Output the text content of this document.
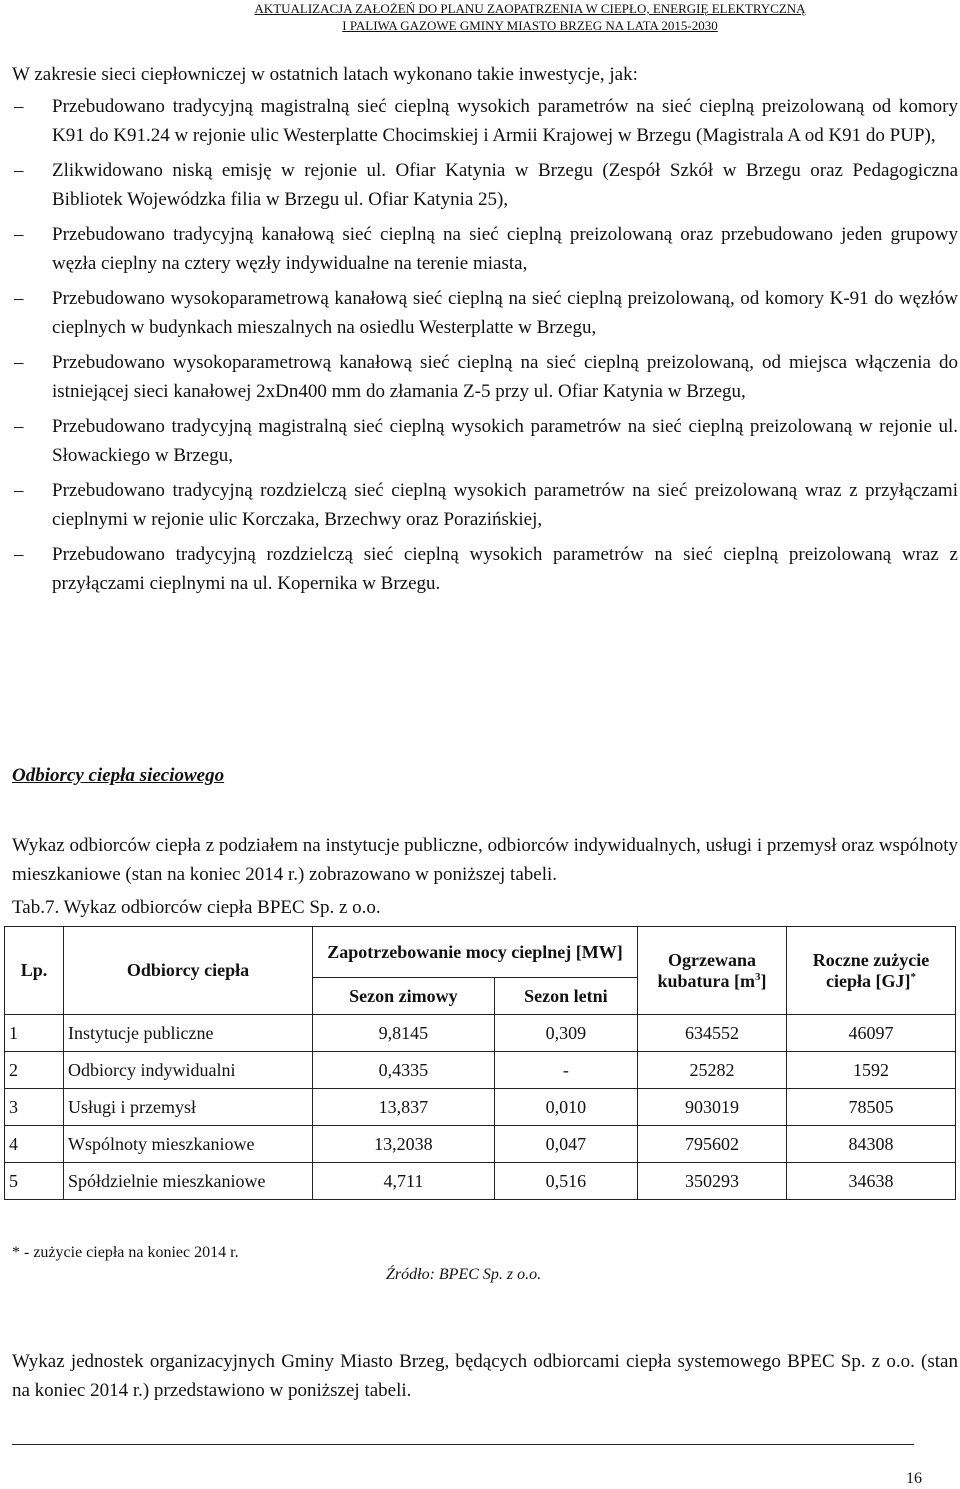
AKTUALIZACJA ZAŁOŻEŃ DO PLANU ZAOPATRZENIA W CIEPŁO, ENERGIĘ ELEKTRYCZNĄ
I PALIWA GAZOWE GMINY MIASTO BRZEG NA LATA 2015-2030

W zakresie sieci ciepłowniczej w ostatnich latach wykonano takie inwestycje, jak:

–	Przebudowano tradycyjną magistralną sieć cieplną wysokich parametrów na sieć cieplną preizolowaną od komory K91 do K91.24 w rejonie ulic Westerplatte Chocimskiej i Armii Krajowej w Brzegu (Magistrala A od K91 do PUP),
–	Zlikwidowano niską emisję w rejonie ul. Ofiar Katynia w Brzegu (Zespół Szkół w Brzegu oraz Pedagogiczna Bibliotek Wojewódzka filia w Brzegu ul. Ofiar Katynia 25),
–	Przebudowano tradycyjną kanałową sieć cieplną na sieć cieplną preizolowaną oraz przebudowano jeden grupowy węzła cieplny na cztery węzły indywidualne na terenie miasta,
–	Przebudowano wysokoparametrową kanałową sieć cieplną na sieć cieplną preizolowaną, od komory K-91 do węzłów cieplnych w budynkach mieszalnych na osiedlu Westerplatte w Brzegu,
–	Przebudowano wysokoparametrową kanałową sieć cieplną na sieć cieplną preizolowaną, od miejsca włączenia do istniejącej sieci kanałowej 2xDn400 mm do złamania Z-5 przy ul. Ofiar Katynia w Brzegu,
–	Przebudowano tradycyjną magistralną sieć cieplną wysokich parametrów na sieć cieplną preizolowaną w rejonie ul. Słowackiego w Brzegu,
–	Przebudowano tradycyjną rozdzielczą sieć cieplną wysokich parametrów na sieć preizolowaną wraz z przyłączami cieplnymi w rejonie ulic Korczaka, Brzechwy oraz Porazińskiej,
–	Przebudowano tradycyjną rozdzielczą sieć cieplną wysokich parametrów na sieć cieplną preizolowaną wraz z przyłączami cieplnymi na ul. Kopernika w Brzegu.
Odbiorcy ciepła sieciowego

Wykaz odbiorców ciepła z podziałem na instytucje publiczne, odbiorców indywidualnych, usługi i przemysł oraz wspólnoty mieszkaniowe (stan na koniec 2014 r.) zobrazowano w poniższej tabeli.

Tab.7. Wykaz odbiorców ciepła BPEC Sp. z o.o.
Lp.	Odbiorcy ciepła	Zapotrzebowanie mocy cieplnej [MW]		Ogrzewana kubatura $[m^3]$	Roczne zużycie ciepła [GJ]*
		Sezon zimowy	Sezon letni		
1	Instytucje publiczne	9,8145	0,309	634552	46097
2	Odbiorcy indywidualni	0,4335	-	25282	1592
3	Usługi i przemysł	13,837	0,010	903019	78505
4	Wspólnoty mieszkaniowe	13,2038	0,047	795602	84308
5	Spółdzielnie mieszkaniowe	4,711	0,516	350293	34638
* - zużycie ciepła na koniec 2014 r.
Źródło: BPEC Sp. z o.o.

Wykaz jednostek organizacyjnych Gminy Miasto Brzeg, będących odbiorcami ciepła systemowego BPEC Sp. z o.o. (stan na koniec 2014 r.) przedstawiono w poniższej tabeli.

16
